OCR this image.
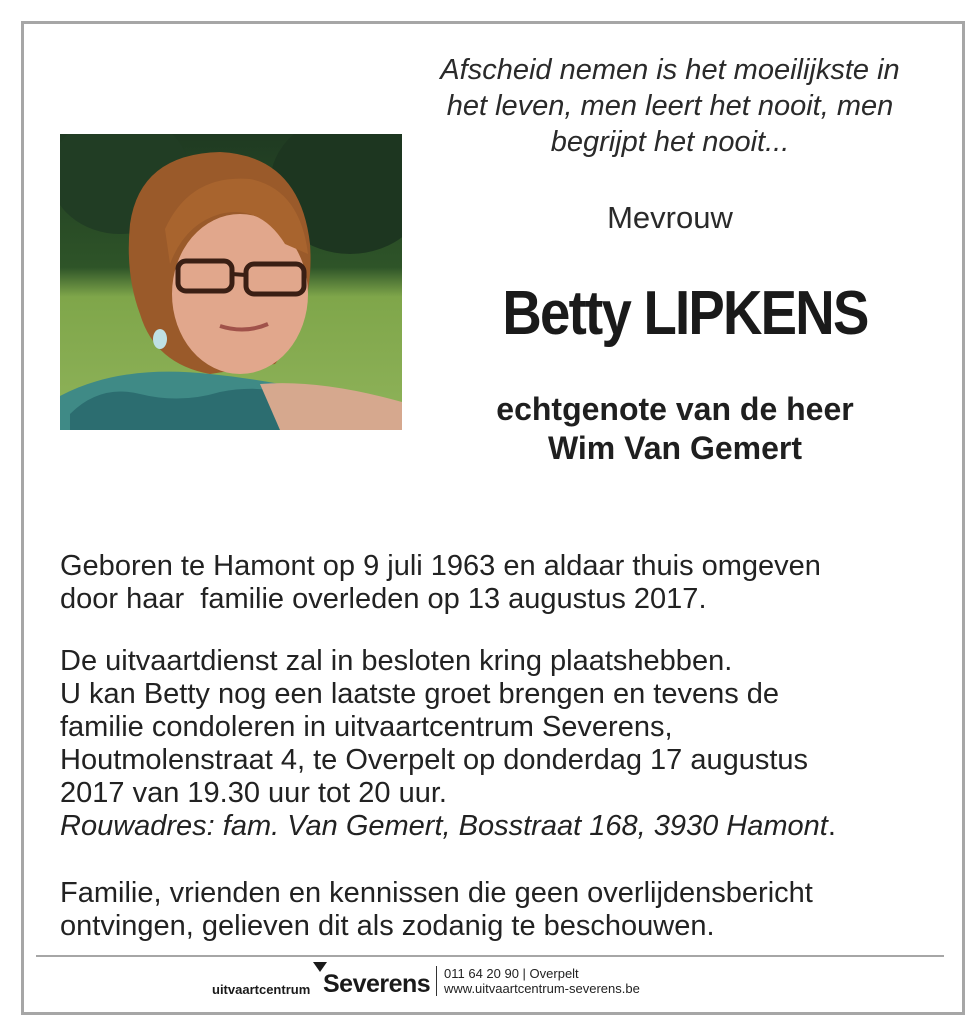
Afscheid nemen is het moeilijkste in
het leven, men leert het nooit, men
begrijpt het nooit...
Mevrouw
Betty LIPKENS
echtgenote van de heer
Wim Van Gemert
Geboren te Hamont op 9 juli 1963 en aldaar thuis omgeven
door haar  familie overleden op 13 augustus 2017.
De uitvaartdienst zal in besloten kring plaatshebben.
U kan Betty nog een laatste groet brengen en tevens de
familie condoleren in uitvaartcentrum Severens,
Houtmolenstraat 4, te Overpelt op donderdag 17 augustus
2017 van 19.30 uur tot 20 uur.
Rouwadres: fam. Van Gemert, Bosstraat 168, 3930 Hamont.
Familie, vrienden en kennissen die geen overlijdensbericht
ontvingen, gelieven dit als zodanig te beschouwen.
uitvaartcentrum Severens 011 64 20 90 | Overpelt
www.uitvaartcentrum-severens.be
